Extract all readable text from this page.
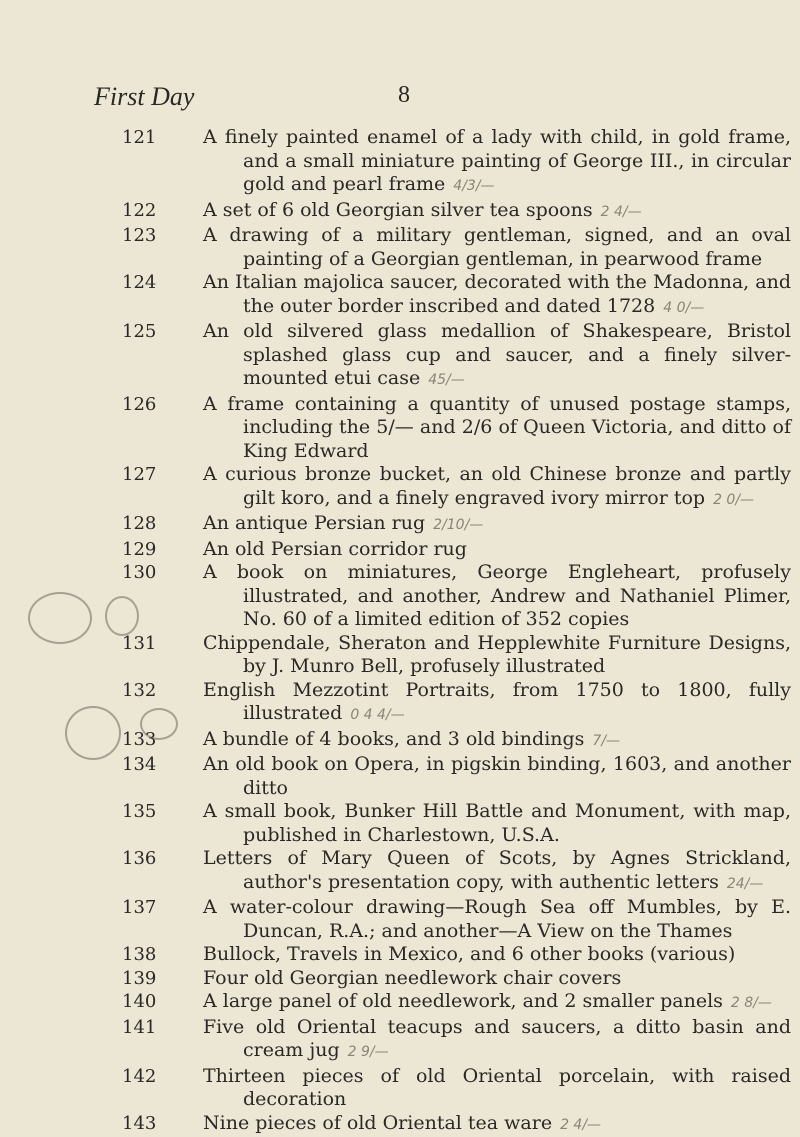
First Day	8
121	A finely painted enamel of a lady with child, in gold frame, and a small miniature painting of George III., in circular gold and pearl frame 4/3/—
122	A set of 6 old Georgian silver tea spoons 2 4/—
123	A drawing of a military gentleman, signed, and an oval painting of a Georgian gentleman, in pearwood frame
124	An Italian majolica saucer, decorated with the Madonna, and the outer border inscribed and dated 1728 4 0/—
125	An old silvered glass medallion of Shakespeare, Bristol splashed glass cup and saucer, and a finely silver-mounted etui case 45/—
126	A frame containing a quantity of unused postage stamps, including the 5/— and 2/6 of Queen Victoria, and ditto of King Edward
127	A curious bronze bucket, an old Chinese bronze and partly gilt koro, and a finely engraved ivory mirror top 2 0/—
128	An antique Persian rug 2/10/—
129	An old Persian corridor rug
130	A book on miniatures, George Engleheart, profusely illustrated, and another, Andrew and Nathaniel Plimer, No. 60 of a limited edition of 352 copies
131	Chippendale, Sheraton and Hepplewhite Furniture Designs, by J. Munro Bell, profusely illustrated
132	English Mezzotint Portraits, from 1750 to 1800, fully illustrated 0 4 4/—
133	A bundle of 4 books, and 3 old bindings 7/—
134	An old book on Opera, in pigskin binding, 1603, and another ditto
135	A small book, Bunker Hill Battle and Monument, with map, published in Charlestown, U.S.A.
136	Letters of Mary Queen of Scots, by Agnes Strickland, author's presentation copy, with authentic letters 24/—
137	A water-colour drawing—Rough Sea off Mumbles, by E. Duncan, R.A.; and another—A View on the Thames
138	Bullock, Travels in Mexico, and 6 other books (various)
139	Four old Georgian needlework chair covers
140	A large panel of old needlework, and 2 smaller panels 2 8/—
141	Five old Oriental teacups and saucers, a ditto basin and cream jug 2 9/—
142	Thirteen pieces of old Oriental porcelain, with raised decoration
143	Nine pieces of old Oriental tea ware 2 4/—
